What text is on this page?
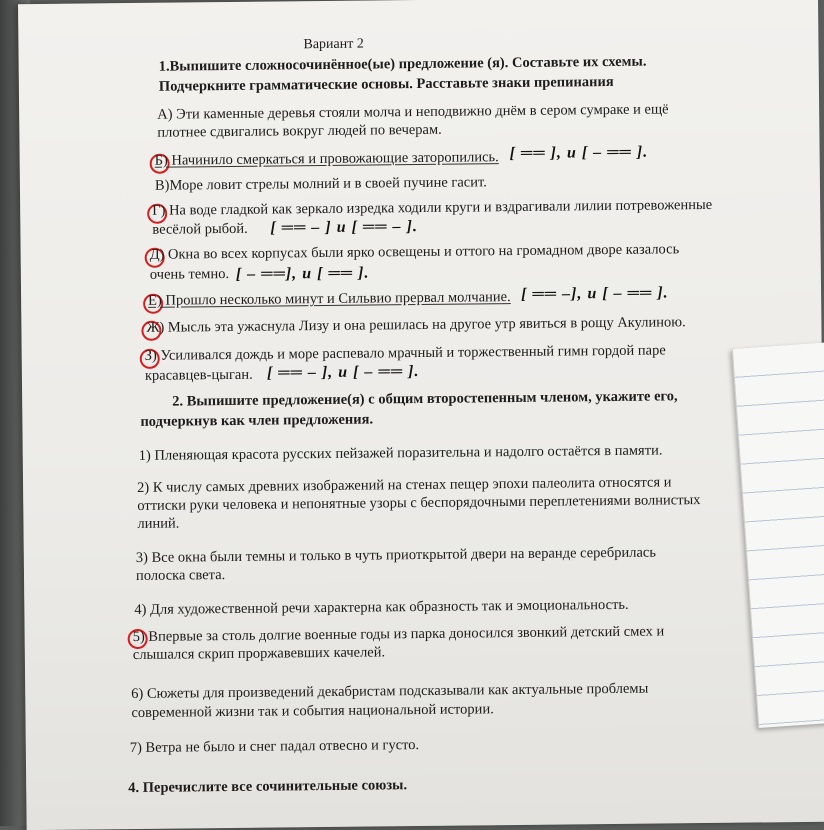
Вариант 2
1.Выпишите сложносочинённое(ые) предложение (я). Составьте их схемы.
Подчеркните грамматические основы. Расставьте знаки препинания
А) Эти каменные деревья стояли молча и неподвижно днём в сером сумраке и ещё
плотнее сдвигались вокруг людей по вечерам.
Б) Начинило смеркаться и провожающие заторопились. [ ══ ], и [ – ══ ].
В)Море ловит стрелы молний и в своей пучине гасит.
Г) На воде гладкой как зеркало изредка ходили круги и вздрагивали лилии потревоженные
весёлой рыбой. [ ══ – ] и [ ══ – ].
Д) Окна во всех корпусах были ярко освещены и оттого на громадном дворе казалось
очень темно. [ – ══], и [ ══ ].
Е) Прошло несколько минут и Сильвио прервал молчание. [ ══ –], и [ – ══ ].
Ж) Мысль эта ужаснула Лизу и она решилась на другое утр явиться в рощу Акулиною.
З) Усиливался дождь и море распевало мрачный и торжественный гимн гордой паре
красавцев-цыган. [ ══ – ], и [ – ══ ].
2. Выпишите предложение(я) с общим второстепенным членом, укажите его,
подчеркнув как член предложения.
1) Пленяющая красота русских пейзажей поразительна и надолго остаётся в памяти.
2) К числу самых древних изображений на стенах пещер эпохи палеолита относятся и
оттиски руки человека и непонятные узоры с беспорядочными переплетениями волнистых
линий.
3) Все окна были темны и только в чуть приоткрытой двери на веранде серебрилась
полоска света.
4) Для художественной речи характерна как образность так и эмоциональность.
5) Впервые за столь долгие военные годы из парка доносился звонкий детский смех и
слышался скрип проржавевших качелей.
6) Сюжеты для произведений декабристам подсказывали как актуальные проблемы
современной жизни так и события национальной истории.
7) Ветра не было и снег падал отвесно и густо.
4. Перечислите все сочинительные союзы.
